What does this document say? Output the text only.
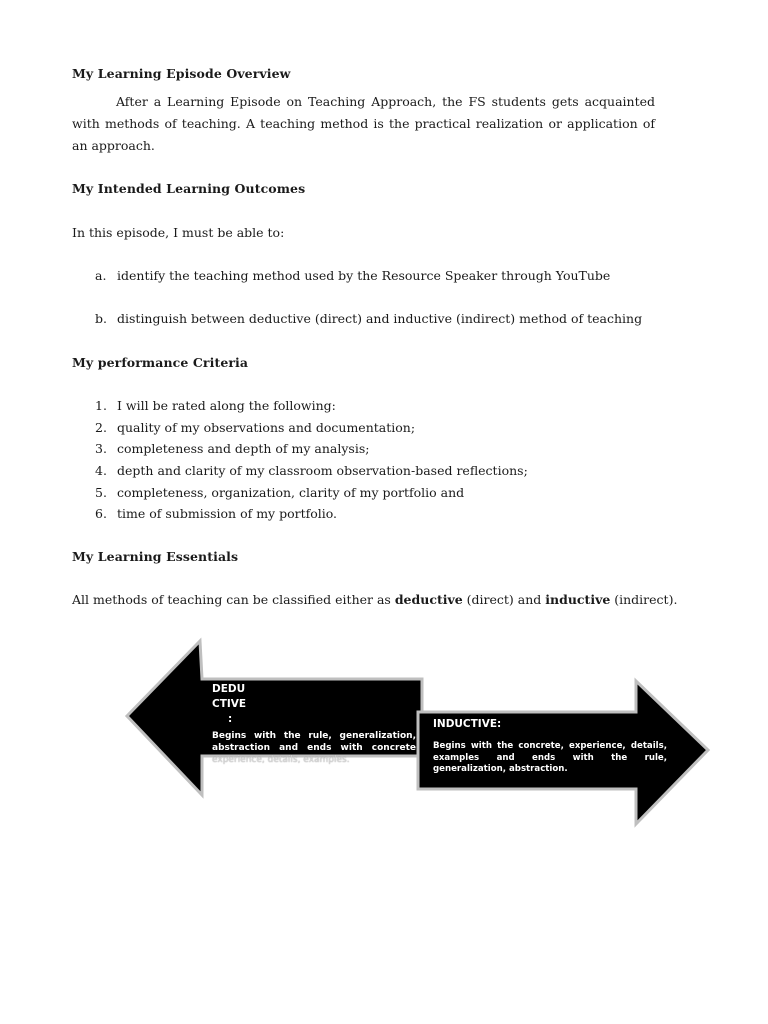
My Learning Episode Overview
After a Learning Episode on Teaching Approach, the FS students gets acquainted with methods of teaching. A teaching method is the practical realization or application of an approach.
My Intended Learning Outcomes
In this episode, I must be able to:
a. identify the teaching method used by the Resource Speaker through YouTube
b. distinguish between deductive (direct) and inductive (indirect) method of teaching
My performance Criteria
1. I will be rated along the following:
2. quality of my observations and documentation;
3. completeness and depth of my analysis;
4. depth and clarity of my classroom observation-based reflections;
5. completeness, organization, clarity of my portfolio and
6. time of submission of my portfolio.
My Learning Essentials
All methods of teaching can be classified either as deductive (direct) and inductive (indirect).
DEDU
CTIVE
:
Begins with the rule, generalization, abstraction and ends with concrete experience, details, examples.
INDUCTIVE:
Begins with the concrete, experience, details, examples and ends with the rule, generalization, abstraction.
